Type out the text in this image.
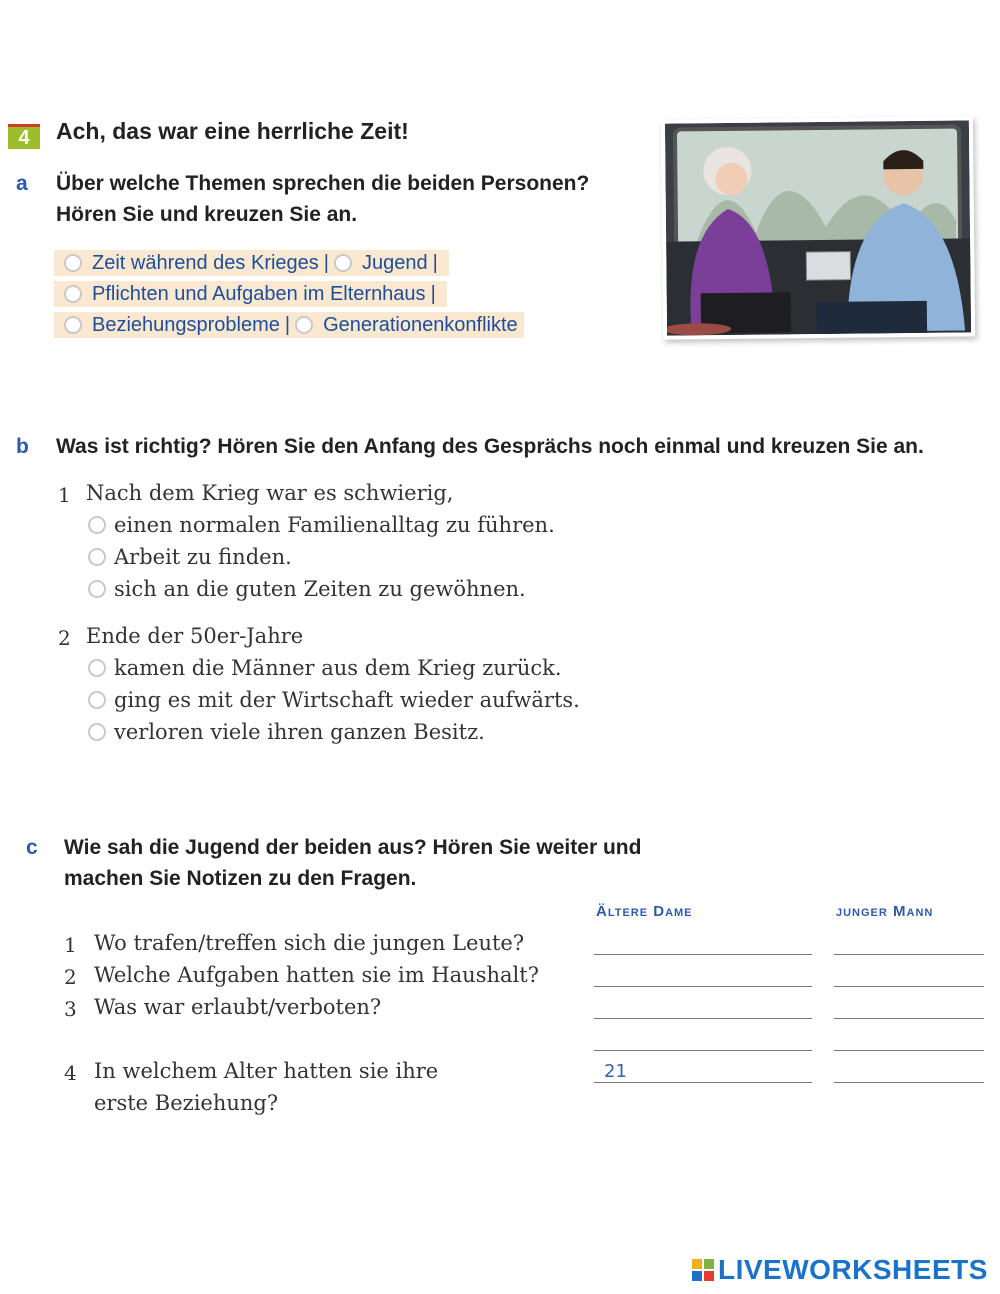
4	Ach, das war eine herrliche Zeit!
a Über welche Themen sprechen die beiden Personen?
Hören Sie und kreuzen Sie an.
Zeit während des Krieges | Jugend |
Pflichten und Aufgaben im Elternhaus |
Beziehungsprobleme | Generationenkonflikte
b Was ist richtig? Hören Sie den Anfang des Gesprächs noch einmal und kreuzen Sie an.
1 Nach dem Krieg war es schwierig,
einen normalen Familienalltag zu führen.
Arbeit zu finden.
sich an die guten Zeiten zu gewöhnen.
2 Ende der 50er-Jahre
kamen die Männer aus dem Krieg zurück.
ging es mit der Wirtschaft wieder aufwärts.
verloren viele ihren ganzen Besitz.
c Wie sah die Jugend der beiden aus? Hören Sie weiter und
machen Sie Notizen zu den Fragen.
Ältere Dame	junger Mann
1 Wo trafen/treffen sich die jungen Leute?
2 Welche Aufgaben hatten sie im Haushalt?
3 Was war erlaubt/verboten?
4 In welchem Alter hatten sie ihre
erste Beziehung?
21
LIVEWORKSHEETS
